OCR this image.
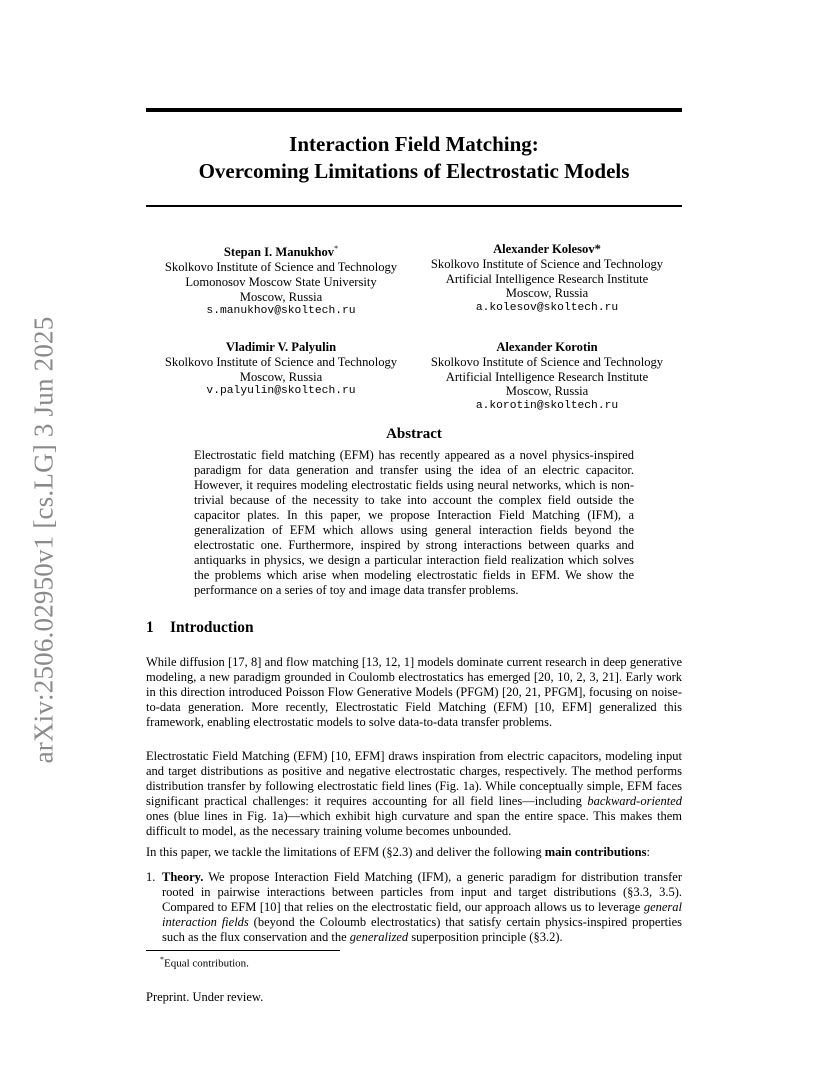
arXiv:2506.02950v1 [cs.LG] 3 Jun 2025
Interaction Field Matching:
Overcoming Limitations of Electrostatic Models
Stepan I. Manukhov*
Skolkovo Institute of Science and Technology
Lomonosov Moscow State University
Moscow, Russia
s.manukhov@skoltech.ru
Alexander Kolesov*
Skolkovo Institute of Science and Technology
Artificial Intelligence Research Institute
Moscow, Russia
a.kolesov@skoltech.ru
Vladimir V. Palyulin
Skolkovo Institute of Science and Technology
Moscow, Russia
v.palyulin@skoltech.ru
Alexander Korotin
Skolkovo Institute of Science and Technology
Artificial Intelligence Research Institute
Moscow, Russia
a.korotin@skoltech.ru
Abstract
Electrostatic field matching (EFM) has recently appeared as a novel physics-inspired paradigm for data generation and transfer using the idea of an electric capacitor. However, it requires modeling electrostatic fields using neural networks, which is non-trivial because of the necessity to take into account the complex field outside the capacitor plates. In this paper, we propose Interaction Field Matching (IFM), a generalization of EFM which allows using general interaction fields beyond the electrostatic one. Furthermore, inspired by strong interactions between quarks and antiquarks in physics, we design a particular interaction field realization which solves the problems which arise when modeling electrostatic fields in EFM. We show the performance on a series of toy and image data transfer problems.
1 Introduction
While diffusion [17, 8] and flow matching [13, 12, 1] models dominate current research in deep generative modeling, a new paradigm grounded in Coulomb electrostatics has emerged [20, 10, 2, 3, 21]. Early work in this direction introduced Poisson Flow Generative Models (PFGM) [20, 21, PFGM], focusing on noise-to-data generation. More recently, Electrostatic Field Matching (EFM) [10, EFM] generalized this framework, enabling electrostatic models to solve data-to-data transfer problems.
Electrostatic Field Matching (EFM) [10, EFM] draws inspiration from electric capacitors, modeling input and target distributions as positive and negative electrostatic charges, respectively. The method performs distribution transfer by following electrostatic field lines (Fig. 1a). While conceptually simple, EFM faces significant practical challenges: it requires accounting for all field lines—including backward-oriented ones (blue lines in Fig. 1a)—which exhibit high curvature and span the entire space. This makes them difficult to model, as the necessary training volume becomes unbounded.
In this paper, we tackle the limitations of EFM (§2.3) and deliver the following main contributions:
1. Theory. We propose Interaction Field Matching (IFM), a generic paradigm for distribution transfer rooted in pairwise interactions between particles from input and target distributions (§3.3, 3.5). Compared to EFM [10] that relies on the electrostatic field, our approach allows us to leverage general interaction fields (beyond the Coloumb electrostatics) that satisfy certain physics-inspired properties such as the flux conservation and the generalized superposition principle (§3.2).
*Equal contribution.
Preprint. Under review.
